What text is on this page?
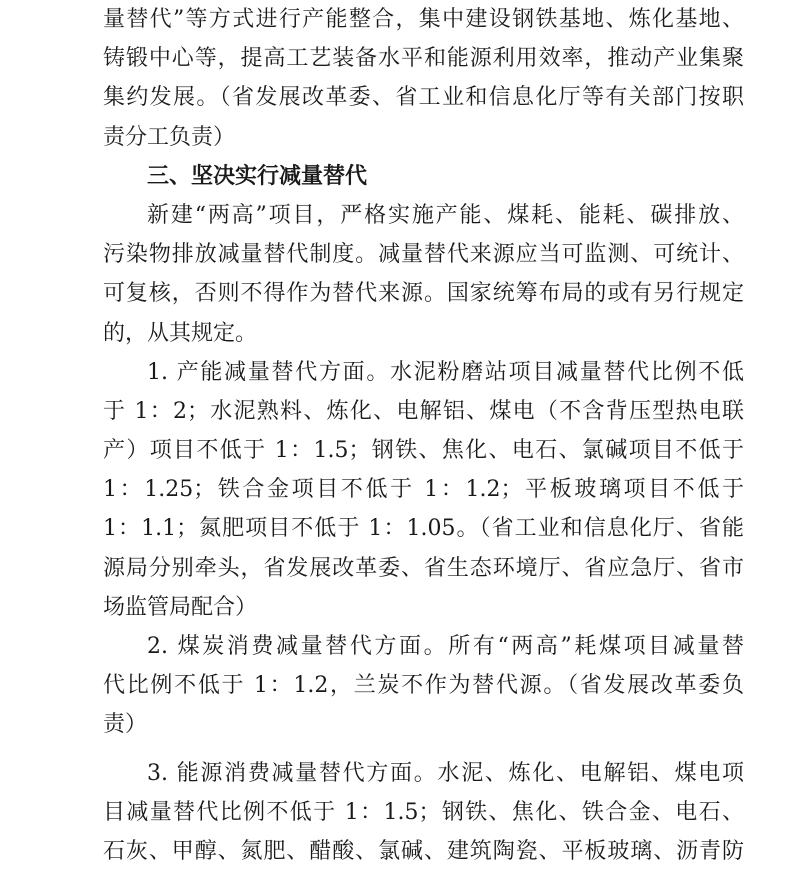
量替代”等方式进行产能整合，集中建设钢铁基地、炼化基地、
铸锻中心等，提高工艺装备水平和能源利用效率，推动产业集聚
集约发展。（省发展改革委、省工业和信息化厅等有关部门按职
责分工负责）
三、坚决实行减量替代
新建“两高”项目，严格实施产能、煤耗、能耗、碳排放、
污染物排放减量替代制度。减量替代来源应当可监测、可统计、
可复核，否则不得作为替代来源。国家统筹布局的或有另行规定
的，从其规定。
1. 产能减量替代方面。水泥粉磨站项目减量替代比例不低
于 1：2；水泥熟料、炼化、电解铝、煤电（不含背压型热电联
产）项目不低于 1：1.5；钢铁、焦化、电石、氯碱项目不低于
1：1.25；铁合金项目不低于 1：1.2；平板玻璃项目不低于
1：1.1；氮肥项目不低于 1：1.05。（省工业和信息化厅、省能
源局分别牵头，省发展改革委、省生态环境厅、省应急厅、省市
场监管局配合）
2. 煤炭消费减量替代方面。所有“两高”耗煤项目减量替
代比例不低于 1：1.2，兰炭不作为替代源。（省发展改革委负
责）
3. 能源消费减量替代方面。水泥、炼化、电解铝、煤电项
目减量替代比例不低于 1：1.5；钢铁、焦化、铁合金、电石、
石灰、甲醇、氮肥、醋酸、氯碱、建筑陶瓷、平板玻璃、沥青防
